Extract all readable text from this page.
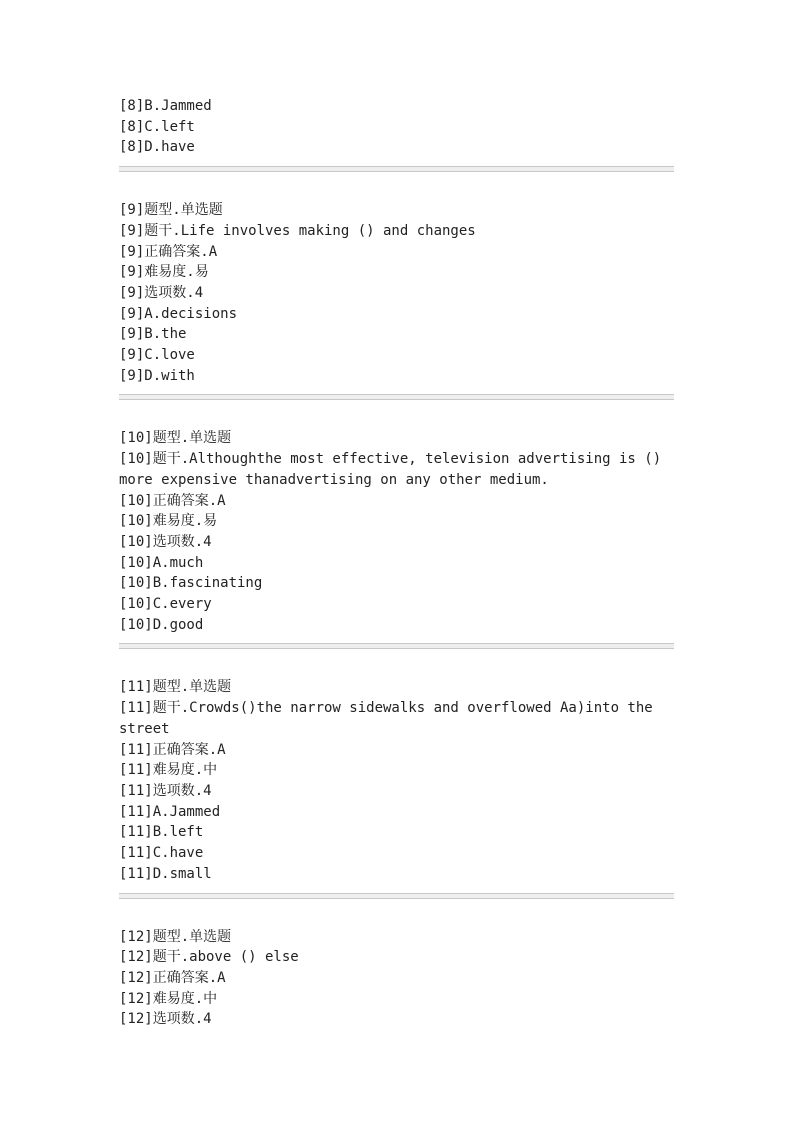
[8]B.Jammed

[8]C.left

[8]D.have

[9]题型.单选题

[9]题干.Life involves making () and changes

[9]正确答案.A

[9]难易度.易

[9]选项数.4

[9]A.decisions

[9]B.the

[9]C.love

[9]D.with

[10]题型.单选题

[10]题干.Althoughthe most effective, television advertising is () more expensive thanadvertising on any other medium.

[10]正确答案.A

[10]难易度.易

[10]选项数.4

[10]A.much

[10]B.fascinating

[10]C.every

[10]D.good

[11]题型.单选题

[11]题干.Crowds()the narrow sidewalks and overflowed Aa)into the street

[11]正确答案.A

[11]难易度.中

[11]选项数.4

[11]A.Jammed

[11]B.left

[11]C.have

[11]D.small

[12]题型.单选题

[12]题干.above () else

[12]正确答案.A

[12]难易度.中

[12]选项数.4
